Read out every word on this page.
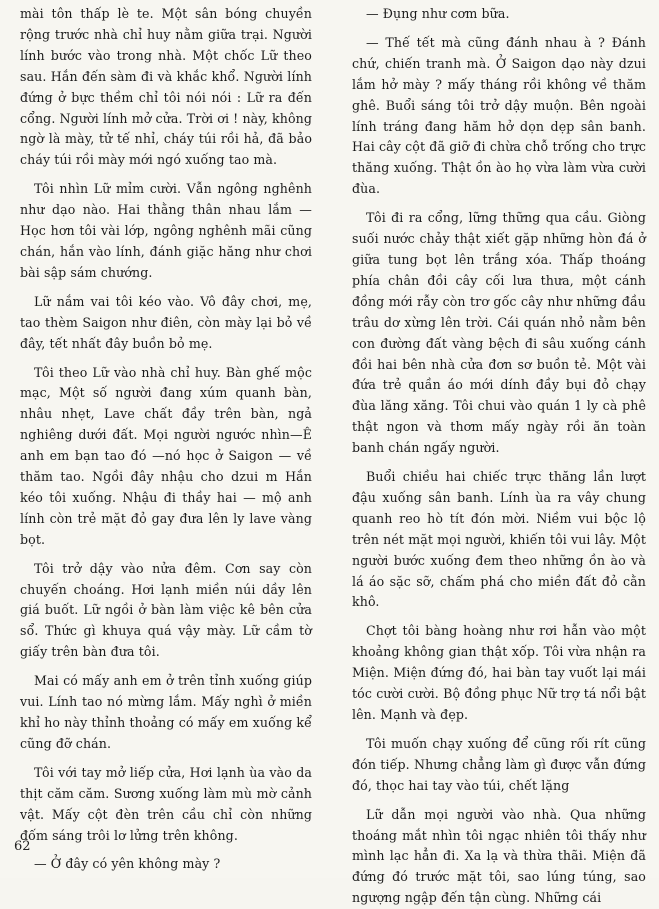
mài tôn thấp lè te. Một sân bóng chuyền rộng trước nhà chỉ huy nằm giữa trại. Người lính bước vào trong nhà. Một chốc Lữ theo sau. Hắn đến sàm đi và khắc khổ. Người lính đứng ở bực thềm chỉ tôi nói nói : Lữ ra đến cổng. Người lính mở cửa. Trời ơi ! này, không ngờ là mày, tử tế nhỉ, cháy túi rồi hả, đã bảo cháy túi rồi mày mới ngó xuống tao mà.

Tôi nhìn Lữ mỉm cười. Vẫn ngông nghênh như dạo nào. Hai thằng thân nhau lắm — Học hơn tôi vài lớp, ngông nghênh mãi cũng chán, hắn vào lính, đánh giặc hăng như chơi bài sập sám chướng.

Lữ nắm vai tôi kéo vào. Vô đây chơi, mẹ, tao thèm Saigon như điên, còn mày lại bỏ về đây, tết nhất đây buồn bỏ mẹ.

Tôi theo Lữ vào nhà chỉ huy. Bàn ghế mộc mạc, Một số người đang xúm quanh bàn, nhâu nhẹt, Lave chất đầy trên bàn, ngả nghiêng dưới đất. Mọi người ngước nhìn—Ê anh em bạn tao đó —nó học ở Saigon — về thăm tao. Ngồi đây nhậu cho dzui m Hắn kéo tôi xuống. Nhậu đi thầy hai — mộ anh lính còn trẻ mặt đỏ gay đưa lên ly lave vàng bọt.

Tôi trở dậy vào nửa đêm. Cơn say còn chuyến choáng. Hơi lạnh miền núi dầy lên giá buốt. Lữ ngồi ở bàn làm việc kê bên cửa sổ. Thức gì khuya quá vậy mày. Lữ cầm tờ giấy trên bàn đưa tôi.

Mai có mấy anh em ở trên tỉnh xuống giúp vui. Lính tao nó mừng lắm. Mấy nghì ở miền khỉ ho này thỉnh thoảng có mấy em xuống kể cũng đỡ chán.

Tôi với tay mở liếp cửa, Hơi lạnh ùa vào da thịt căm căm. Sương xuống làm mù mờ cảnh vật. Mấy cột đèn trên cầu chỉ còn những đốm sáng trôi lơ lửng trên không.

— Ở đây có yên không mày ?

— Đụng như cơm bữa.

— Thế tết mà cũng đánh nhau à ? Đánh chứ, chiến tranh mà. Ở Saigon dạo này dzui lắm hở mày ? mấy tháng rồi không về thăm ghê. Buổi sáng tôi trở dậy muộn. Bên ngoài lính tráng đang hăm hở dọn dẹp sân banh. Hai cây cột đã giỡ đi chừa chỗ trống cho trực thăng xuống. Thật ồn ào họ vừa làm vừa cười đùa.

Tôi đi ra cổng, lững thững qua cầu. Giòng suối nước chảy thật xiết gặp những hòn đá ở giữa tung bọt lên trắng xóa. Thấp thoáng phía chân đồi cây cối lưa thưa, một cánh đồng mới rẫy còn trơ gốc cây như những đầu trâu dơ xừng lên trời. Cái quán nhỏ nằm bên con đường đất vàng bệch đi sâu xuống cánh đồi hai bên nhà cửa đơn sơ buồn tẻ. Một vài đứa trẻ quần áo mới dính đầy bụi đỏ chạy đùa lăng xăng. Tôi chui vào quán 1 ly cà phê thật ngon và thơm mấy ngày rồi ăn toàn banh chán ngấy người.

Buổi chiều hai chiếc trực thăng lần lượt đậu xuống sân banh. Lính ùa ra vây chung quanh reo hò tít đón mời. Niềm vui bộc lộ trên nét mặt mọi người, khiến tôi vui lây. Một người bước xuống đem theo những ồn ào và lá áo sặc sỡ, chấm phá cho miền đất đỏ cằn khô.

Chợt tôi bàng hoàng như rơi hẫn vào một khoảng không gian thật xốp. Tôi vừa nhận ra Miện. Miện đứng đó, hai bàn tay vuốt lại mái tóc cười cười. Bộ đồng phục Nữ trợ tá nổi bật lên. Mạnh và đẹp.

Tôi muốn chạy xuống để cũng rối rít cũng đón tiếp. Nhưng chẳng làm gì được vẫn đứng đó, thọc hai tay vào túi, chết lặng

Lữ dẫn mọi người vào nhà. Qua những thoáng mắt nhìn tôi ngạc nhiên tôi thấy như mình lạc hẳn đi. Xa lạ và thừa thãi. Miện đã đứng đó trước mặt tôi, sao lúng túng, sao ngượng ngập đến tận cùng. Những cái

62
